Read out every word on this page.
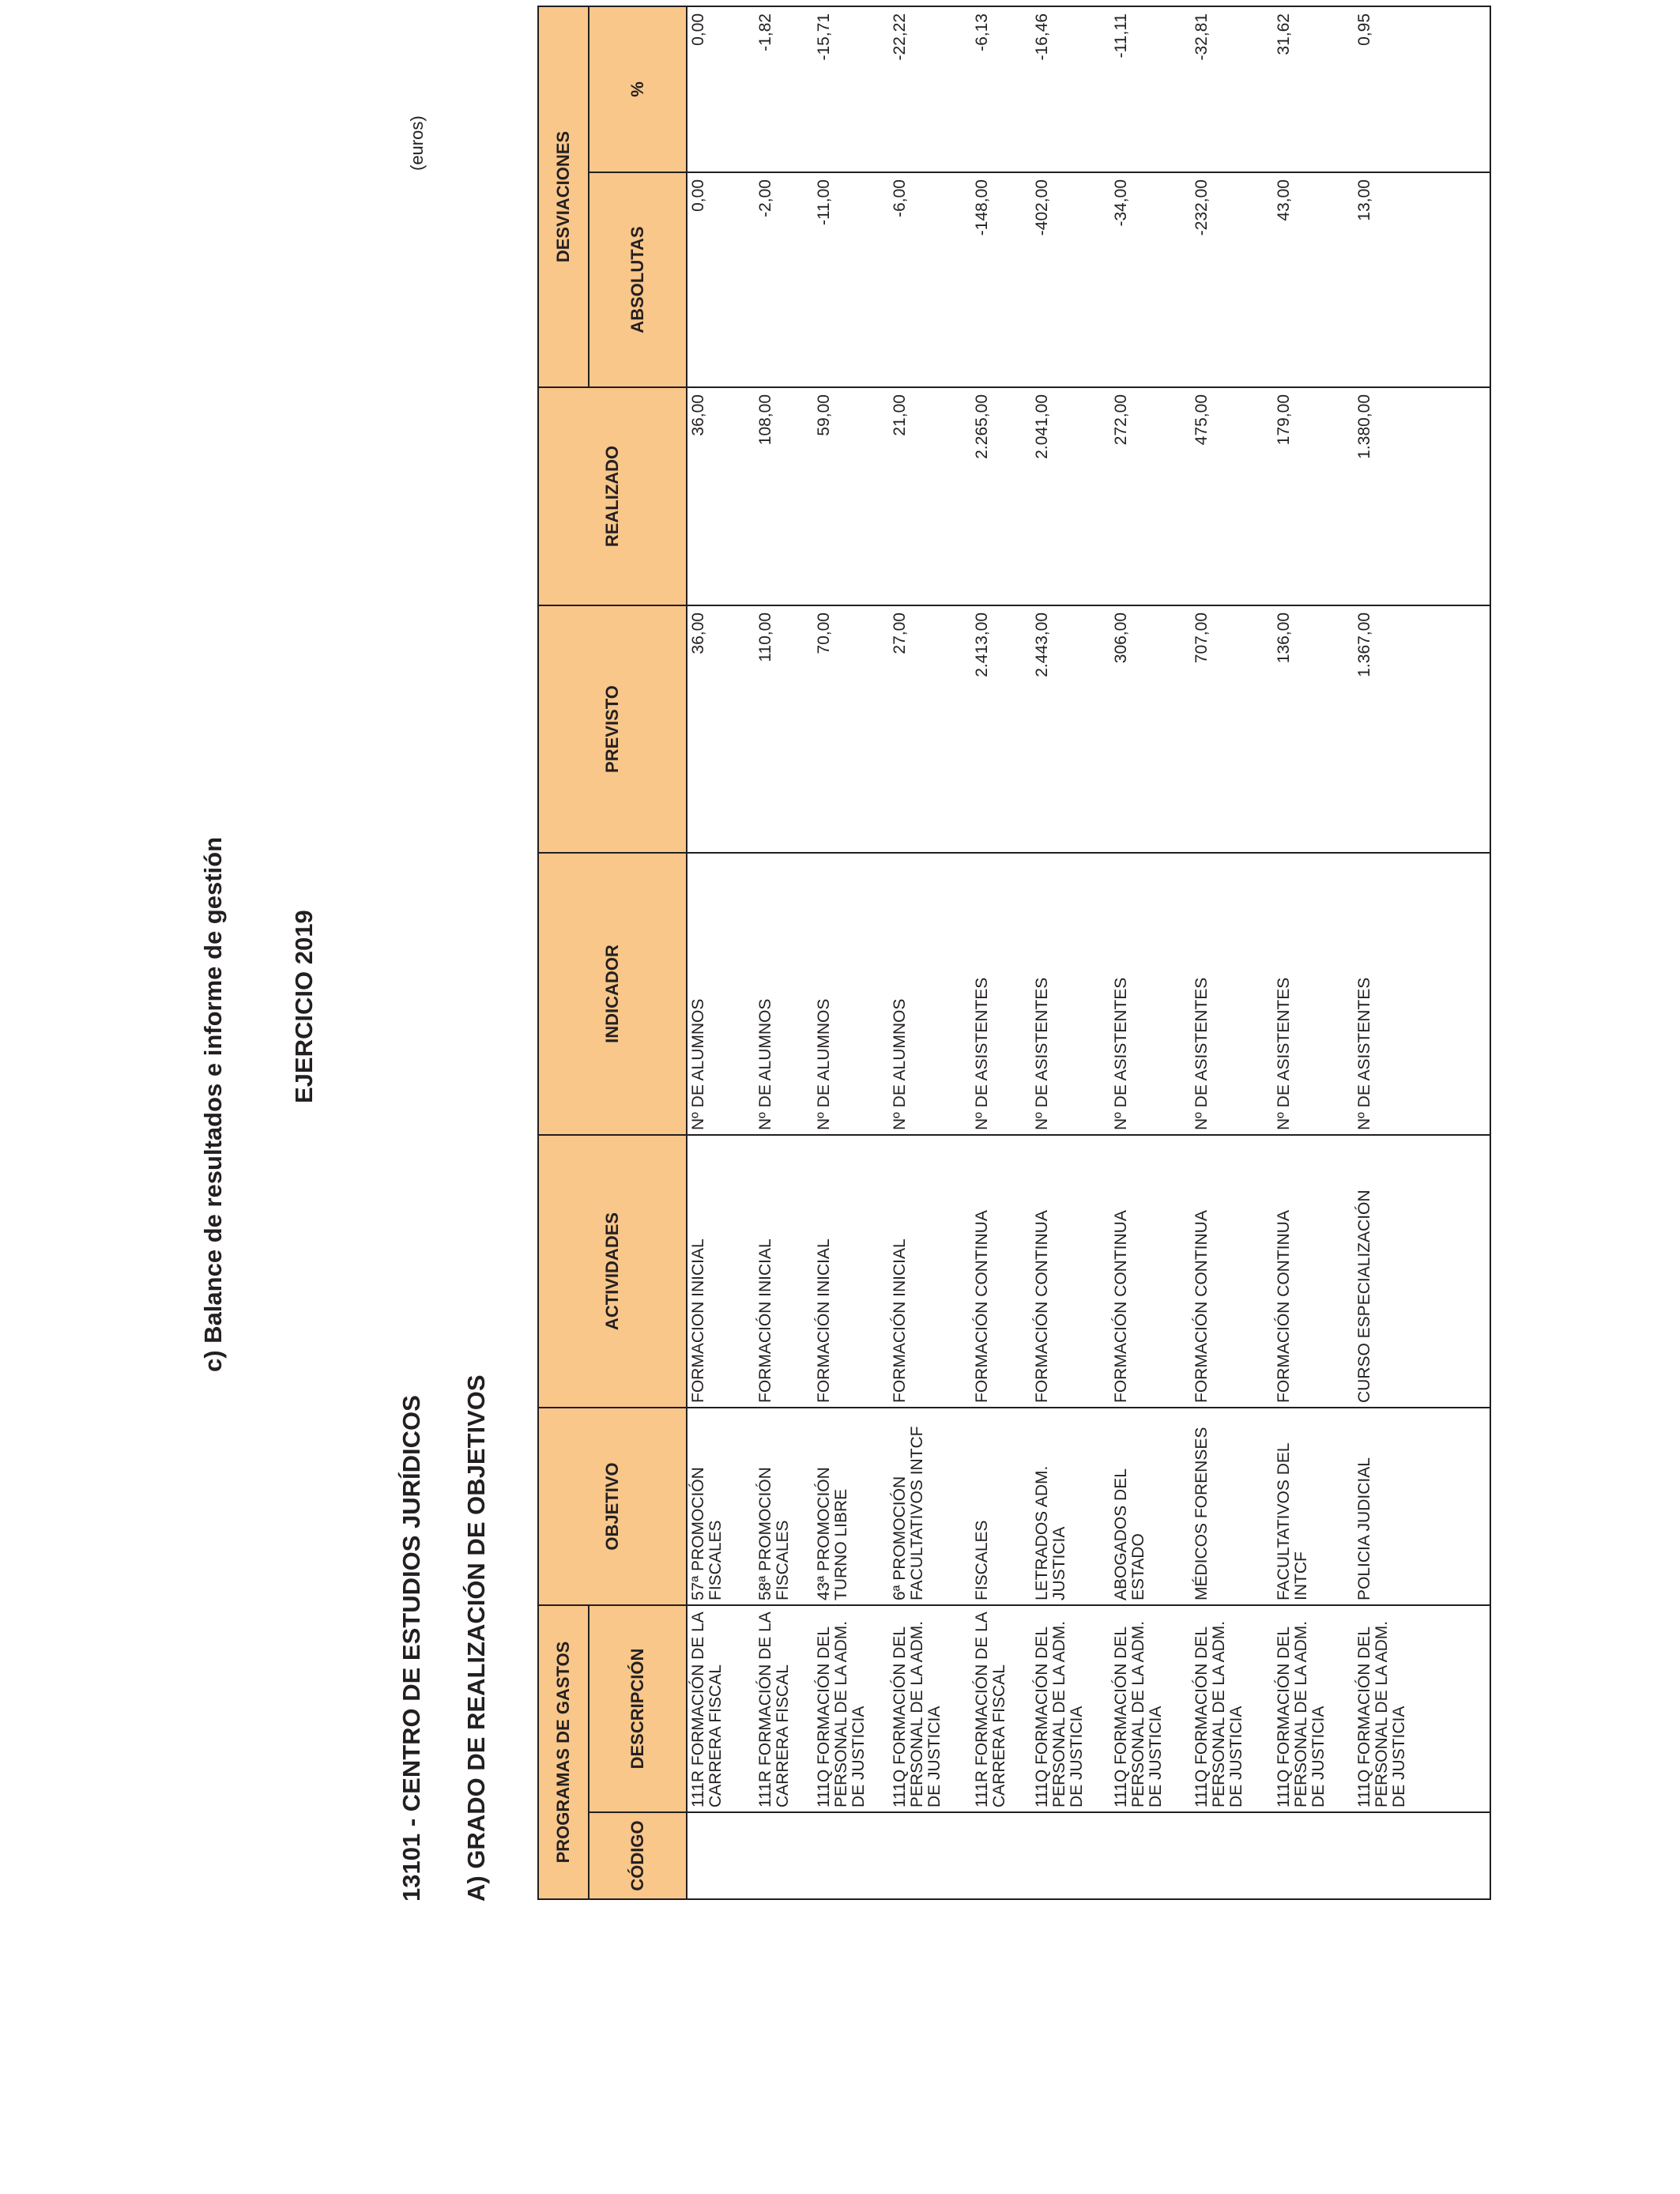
c) Balance de resultados e informe de gestión	EJERCICIO 2019
13101 - CENTRO DE ESTUDIOS JURÍDICOS A) GRADO DE REALIZACIÓN DE OBJETIVOS
(euros)
PROGRAMAS DE GASTOS		OBJETIVO	ACTIVIDADES	INDICADOR	PREVISTO	REALIZADO	DESVIACIONES	
CÓDIGO	DESCRIPCIÓN						ABSOLUTAS	%
	111R FORMACIÓN DE LA CARRERA FISCAL	57ª PROMOCIÓN FISCALES	FORMACION INICIAL	Nº DE ALUMNOS	36,00	36,00	0,00	0,00
	111R FORMACIÓN DE LA CARRERA FISCAL	58ª PROMOCIÓN FISCALES	FORMACIÓN INICIAL	Nº DE ALUMNOS	110,00	108,00	-2,00	-1,82
	111Q FORMACIÓN DEL PERSONAL DE LA ADM. DE JUSTICIA	43ª PROMOCIÓN TURNO LIBRE	FORMACIÓN INICIAL	Nº DE ALUMNOS	70,00	59,00	-11,00	-15,71
	111Q FORMACIÓN DEL PERSONAL DE LA ADM. DE JUSTICIA	6ª PROMOCIÓN FACULTATIVOS INTCF	FORMACIÓN INICIAL	Nº DE ALUMNOS	27,00	21,00	-6,00	-22,22
	111R FORMACIÓN DE LA CARRERA FISCAL	FISCALES	FORMACIÓN CONTINUA	Nº DE ASISTENTES	2.413,00	2.265,00	-148,00	-6,13
	111Q FORMACIÓN DEL PERSONAL DE LA ADM. DE JUSTICIA	LETRADOS ADM. JUSTICIA	FORMACIÓN CONTINUA	Nº DE ASISTENTES	2.443,00	2.041,00	-402,00	-16,46
	111Q FORMACIÓN DEL PERSONAL DE LA ADM. DE JUSTICIA	ABOGADOS DEL ESTADO	FORMACIÓN CONTINUA	Nº DE ASISTENTES	306,00	272,00	-34,00	-11,11
	111Q FORMACIÓN DEL PERSONAL DE LA ADM. DE JUSTICIA	MÉDICOS FORENSES	FORMACIÓN CONTINUA	Nº DE ASISTENTES	707,00	475,00	-232,00	-32,81
	111Q FORMACIÓN DEL PERSONAL DE LA ADM. DE JUSTICIA	FACULTATIVOS DEL INTCF	FORMACIÓN CONTINUA	Nº DE ASISTENTES	136,00	179,00	43,00	31,62
	111Q FORMACIÓN DEL PERSONAL DE LA ADM. DE JUSTICIA	POLICIA JUDICIAL	CURSO ESPECIALIZACIÓN	Nº DE ASISTENTES	1.367,00	1.380,00	13,00	0,95
